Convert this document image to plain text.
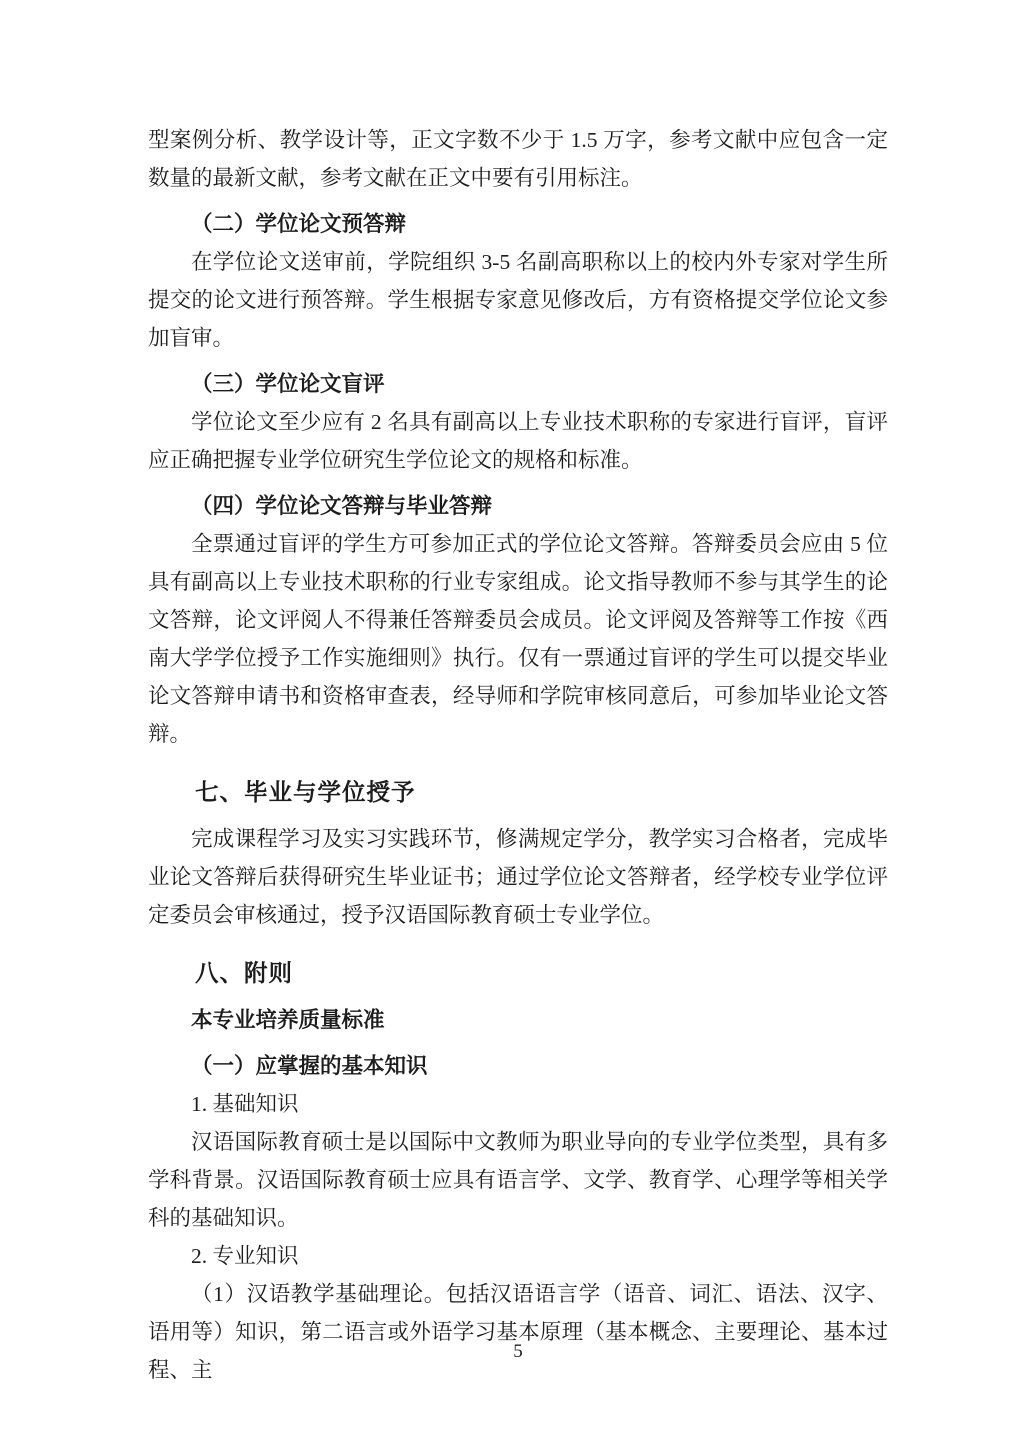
型案例分析、教学设计等，正文字数不少于 1.5 万字，参考文献中应包含一定数量的最新文献，参考文献在正文中要有引用标注。

（二）学位论文预答辩

在学位论文送审前，学院组织 3-5 名副高职称以上的校内外专家对学生所提交的论文进行预答辩。学生根据专家意见修改后，方有资格提交学位论文参加盲审。

（三）学位论文盲评

学位论文至少应有 2 名具有副高以上专业技术职称的专家进行盲评，盲评应正确把握专业学位研究生学位论文的规格和标准。

（四）学位论文答辩与毕业答辩

全票通过盲评的学生方可参加正式的学位论文答辩。答辩委员会应由 5 位具有副高以上专业技术职称的行业专家组成。论文指导教师不参与其学生的论文答辩，论文评阅人不得兼任答辩委员会成员。论文评阅及答辩等工作按《西南大学学位授予工作实施细则》执行。仅有一票通过盲评的学生可以提交毕业论文答辩申请书和资格审查表，经导师和学院审核同意后，可参加毕业论文答辩。

七、毕业与学位授予

完成课程学习及实习实践环节，修满规定学分，教学实习合格者，完成毕业论文答辩后获得研究生毕业证书；通过学位论文答辩者，经学校专业学位评定委员会审核通过，授予汉语国际教育硕士专业学位。

八、附则
本专业培养质量标准
（一）应掌握的基本知识

1. 基础知识

汉语国际教育硕士是以国际中文教师为职业导向的专业学位类型，具有多学科背景。汉语国际教育硕士应具有语言学、文学、教育学、心理学等相关学科的基础知识。

2. 专业知识

（1）汉语教学基础理论。包括汉语语言学（语音、词汇、语法、汉字、语用等）知识，第二语言或外语学习基本原理（基本概念、主要理论、基本过程、主

5
